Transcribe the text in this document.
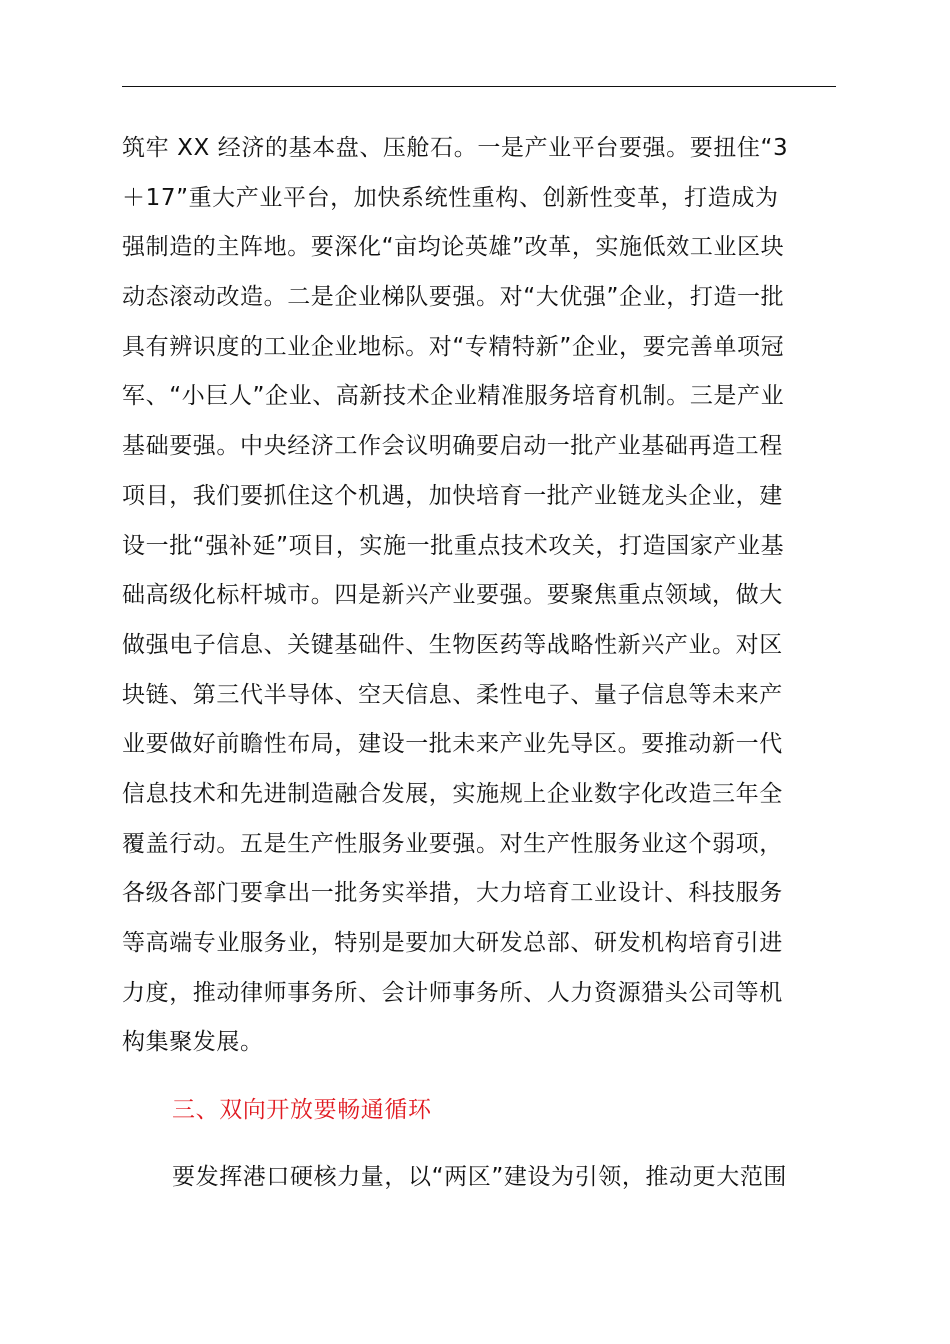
筑牢 XX 经济的基本盘、压舱石。一是产业平台要强。要扭住“3
＋17”重大产业平台，加快系统性重构、创新性变革，打造成为
强制造的主阵地。要深化“亩均论英雄”改革，实施低效工业区块
动态滚动改造。二是企业梯队要强。对“大优强”企业，打造一批
具有辨识度的工业企业地标。对“专精特新”企业，要完善单项冠
军、“小巨人”企业、高新技术企业精准服务培育机制。三是产业
基础要强。中央经济工作会议明确要启动一批产业基础再造工程
项目，我们要抓住这个机遇，加快培育一批产业链龙头企业，建
设一批“强补延”项目，实施一批重点技术攻关，打造国家产业基
础高级化标杆城市。四是新兴产业要强。要聚焦重点领域，做大
做强电子信息、关键基础件、生物医药等战略性新兴产业。对区
块链、第三代半导体、空天信息、柔性电子、量子信息等未来产
业要做好前瞻性布局，建设一批未来产业先导区。要推动新一代
信息技术和先进制造融合发展，实施规上企业数字化改造三年全
覆盖行动。五是生产性服务业要强。对生产性服务业这个弱项，
各级各部门要拿出一批务实举措，大力培育工业设计、科技服务
等高端专业服务业，特别是要加大研发总部、研发机构培育引进
力度，推动律师事务所、会计师事务所、人力资源猎头公司等机
构集聚发展。
三、双向开放要畅通循环
要发挥港口硬核力量，以“两区”建设为引领，推动更大范围
